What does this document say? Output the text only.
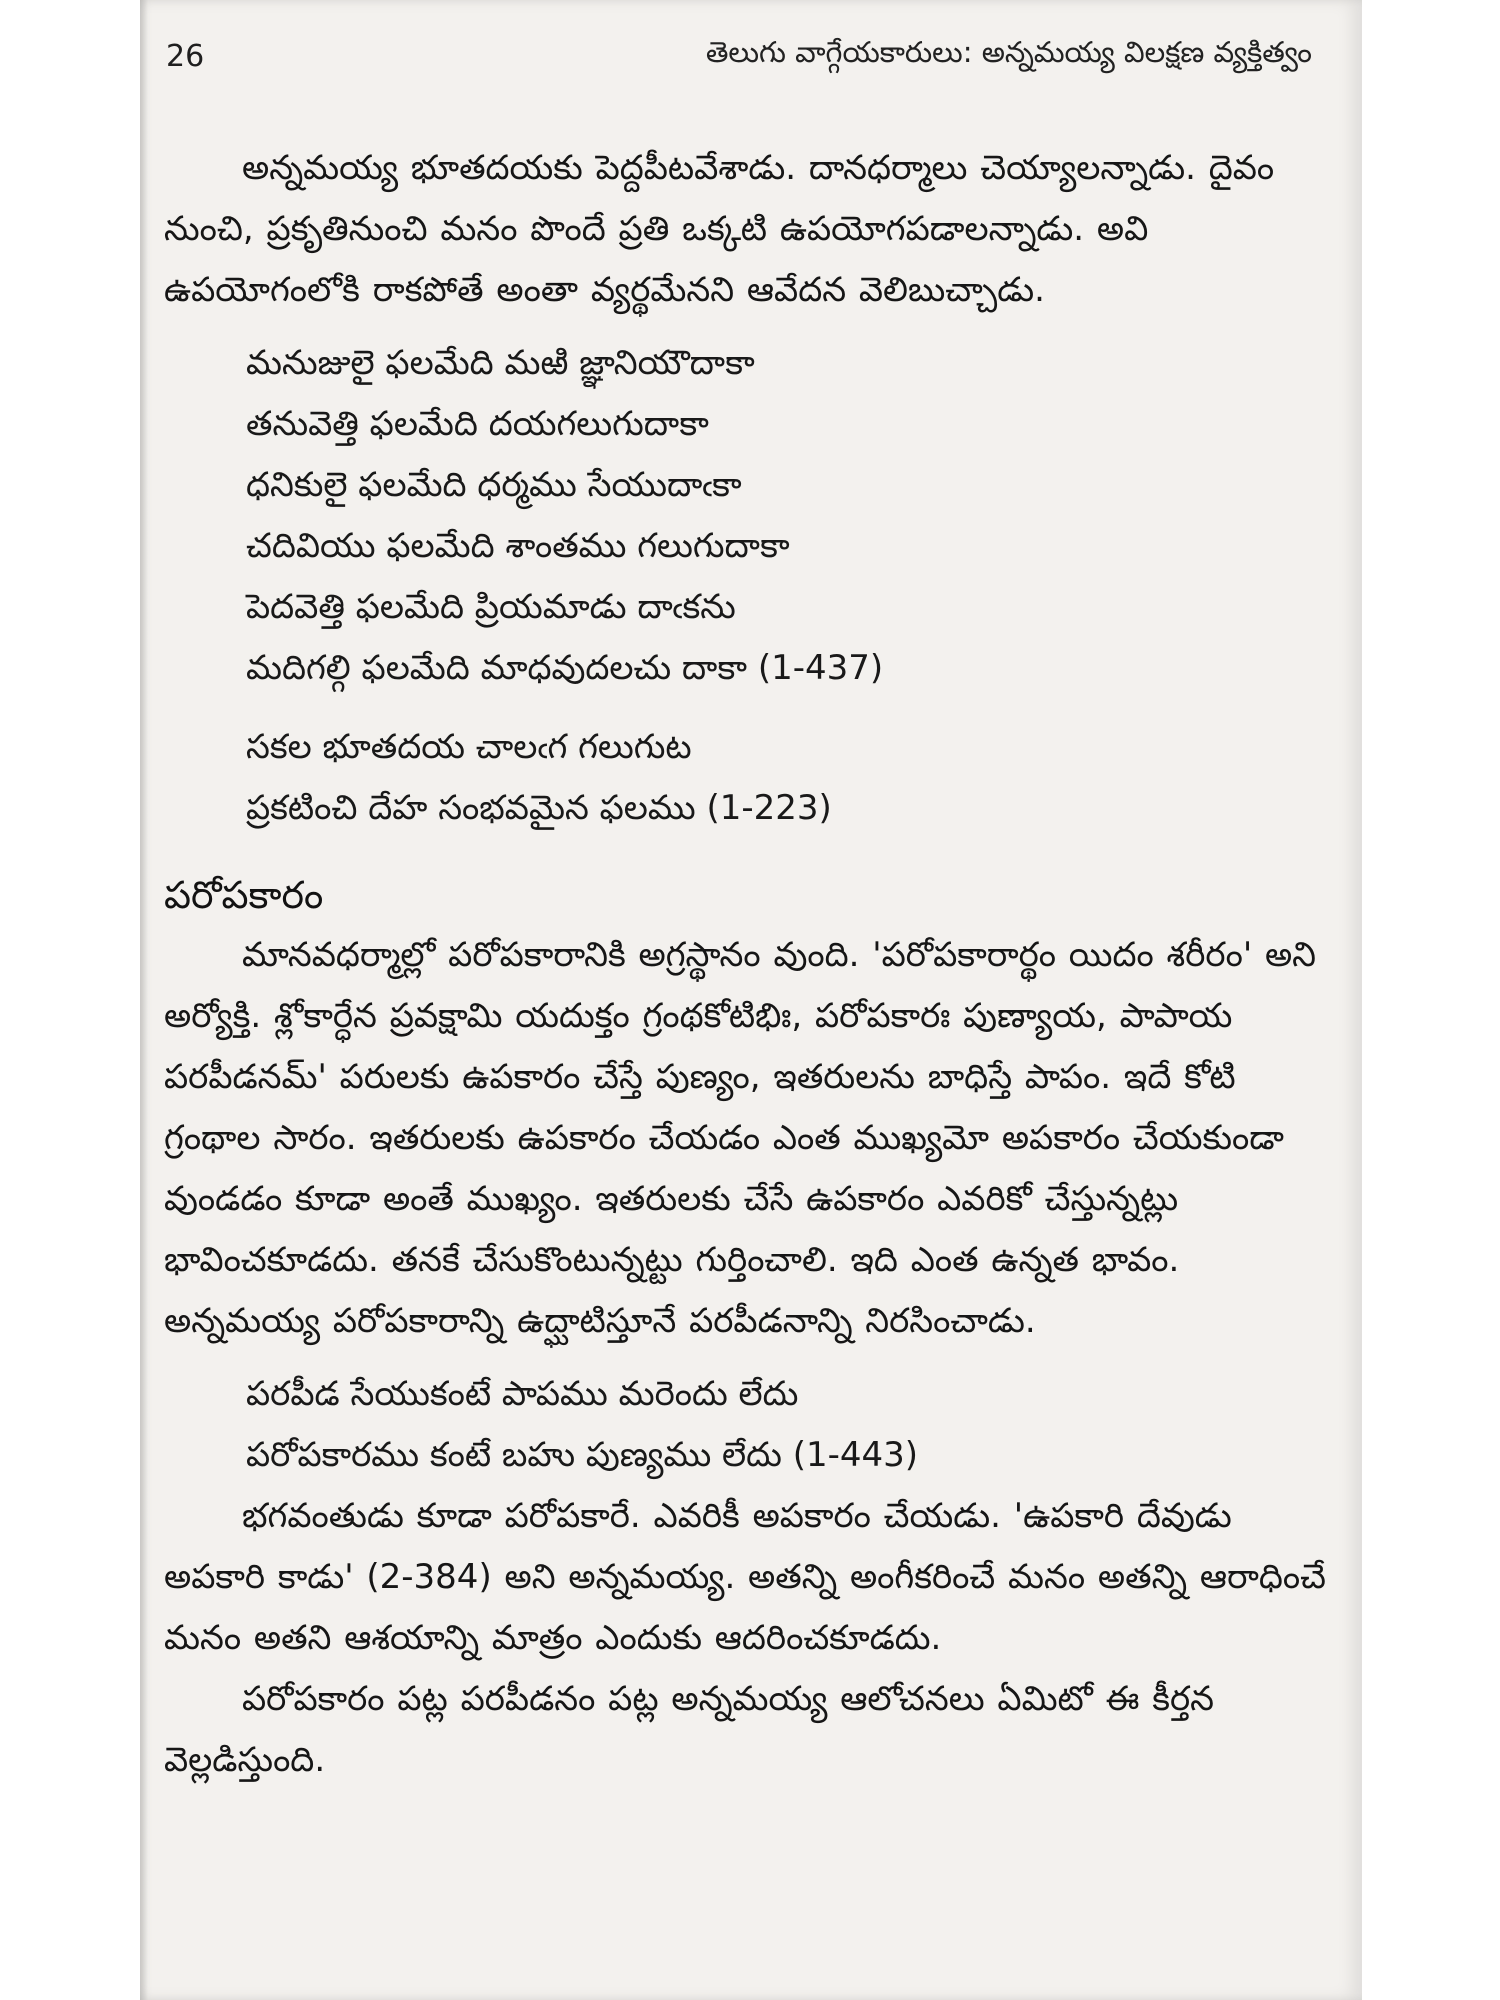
26	తెలుగు వాగ్గేయకారులు: అన్నమయ్య విలక్షణ వ్యక్తిత్వం

అన్నమయ్య భూతదయకు పెద్దపీటవేశాడు. దానధర్మాలు చెయ్యాలన్నాడు. దైవం నుంచి, ప్రకృతినుంచి మనం పొందే ప్రతి ఒక్కటి ఉపయోగపడాలన్నాడు. అవి ఉపయోగంలోకి రాకపోతే అంతా వ్యర్థమేనని ఆవేదన వెలిబుచ్చాడు.

మనుజులై ఫలమేది మఱి జ్ఞానియౌదాకా
తనువెత్తి ఫలమేది దయగలుగుదాకా
ధనికులై ఫలమేది ధర్మము సేయుదాఁకా
చదివియు ఫలమేది శాంతము గలుగుదాకా
పెదవెత్తి ఫలమేది ప్రియమాడు దాఁకను
మదిగల్గి ఫలమేది మాధవుదలచు దాకా (1-437)
సకల భూతదయ చాలఁగ గలుగుట
ప్రకటించి దేహ సంభవమైన ఫలము (1-223)
పరోపకారం

మానవధర్మాల్లో పరోపకారానికి అగ్రస్థానం వుంది. 'పరోపకారార్థం యిదం శరీరం' అని అర్యోక్తి. శ్లోకార్ధేన ప్రవక్షామి యదుక్తం గ్రంథకోటిభిః, పరోపకారః పుణ్యాయ, పాపాయ పరపీడనమ్' పరులకు ఉపకారం చేస్తే పుణ్యం, ఇతరులను బాధిస్తే పాపం. ఇదే కోటి గ్రంథాల సారం. ఇతరులకు ఉపకారం చేయడం ఎంత ముఖ్యమో అపకారం చేయకుండా వుండడం కూడా అంతే ముఖ్యం. ఇతరులకు చేసే ఉపకారం ఎవరికో చేస్తున్నట్లు భావించకూడదు. తనకే చేసుకొంటున్నట్టు గుర్తించాలి. ఇది ఎంత ఉన్నత భావం. అన్నమయ్య పరోపకారాన్ని ఉద్ఘాటిస్తూనే పరపీడనాన్ని నిరసించాడు.

పరపీడ సేయుకంటే పాపము మరెందు లేదు
పరోపకారము కంటే బహు పుణ్యము లేదు (1-443)

భగవంతుడు కూడా పరోపకారే. ఎవరికీ అపకారం చేయడు. 'ఉపకారి దేవుడు అపకారి కాడు' (2-384) అని అన్నమయ్య. అతన్ని అంగీకరించే మనం అతన్ని ఆరాధించే మనం అతని ఆశయాన్ని మాత్రం ఎందుకు ఆదరించకూడదు.

పరోపకారం పట్ల పరపీడనం పట్ల అన్నమయ్య ఆలోచనలు ఏమిటో ఈ కీర్తన వెల్లడిస్తుంది.
